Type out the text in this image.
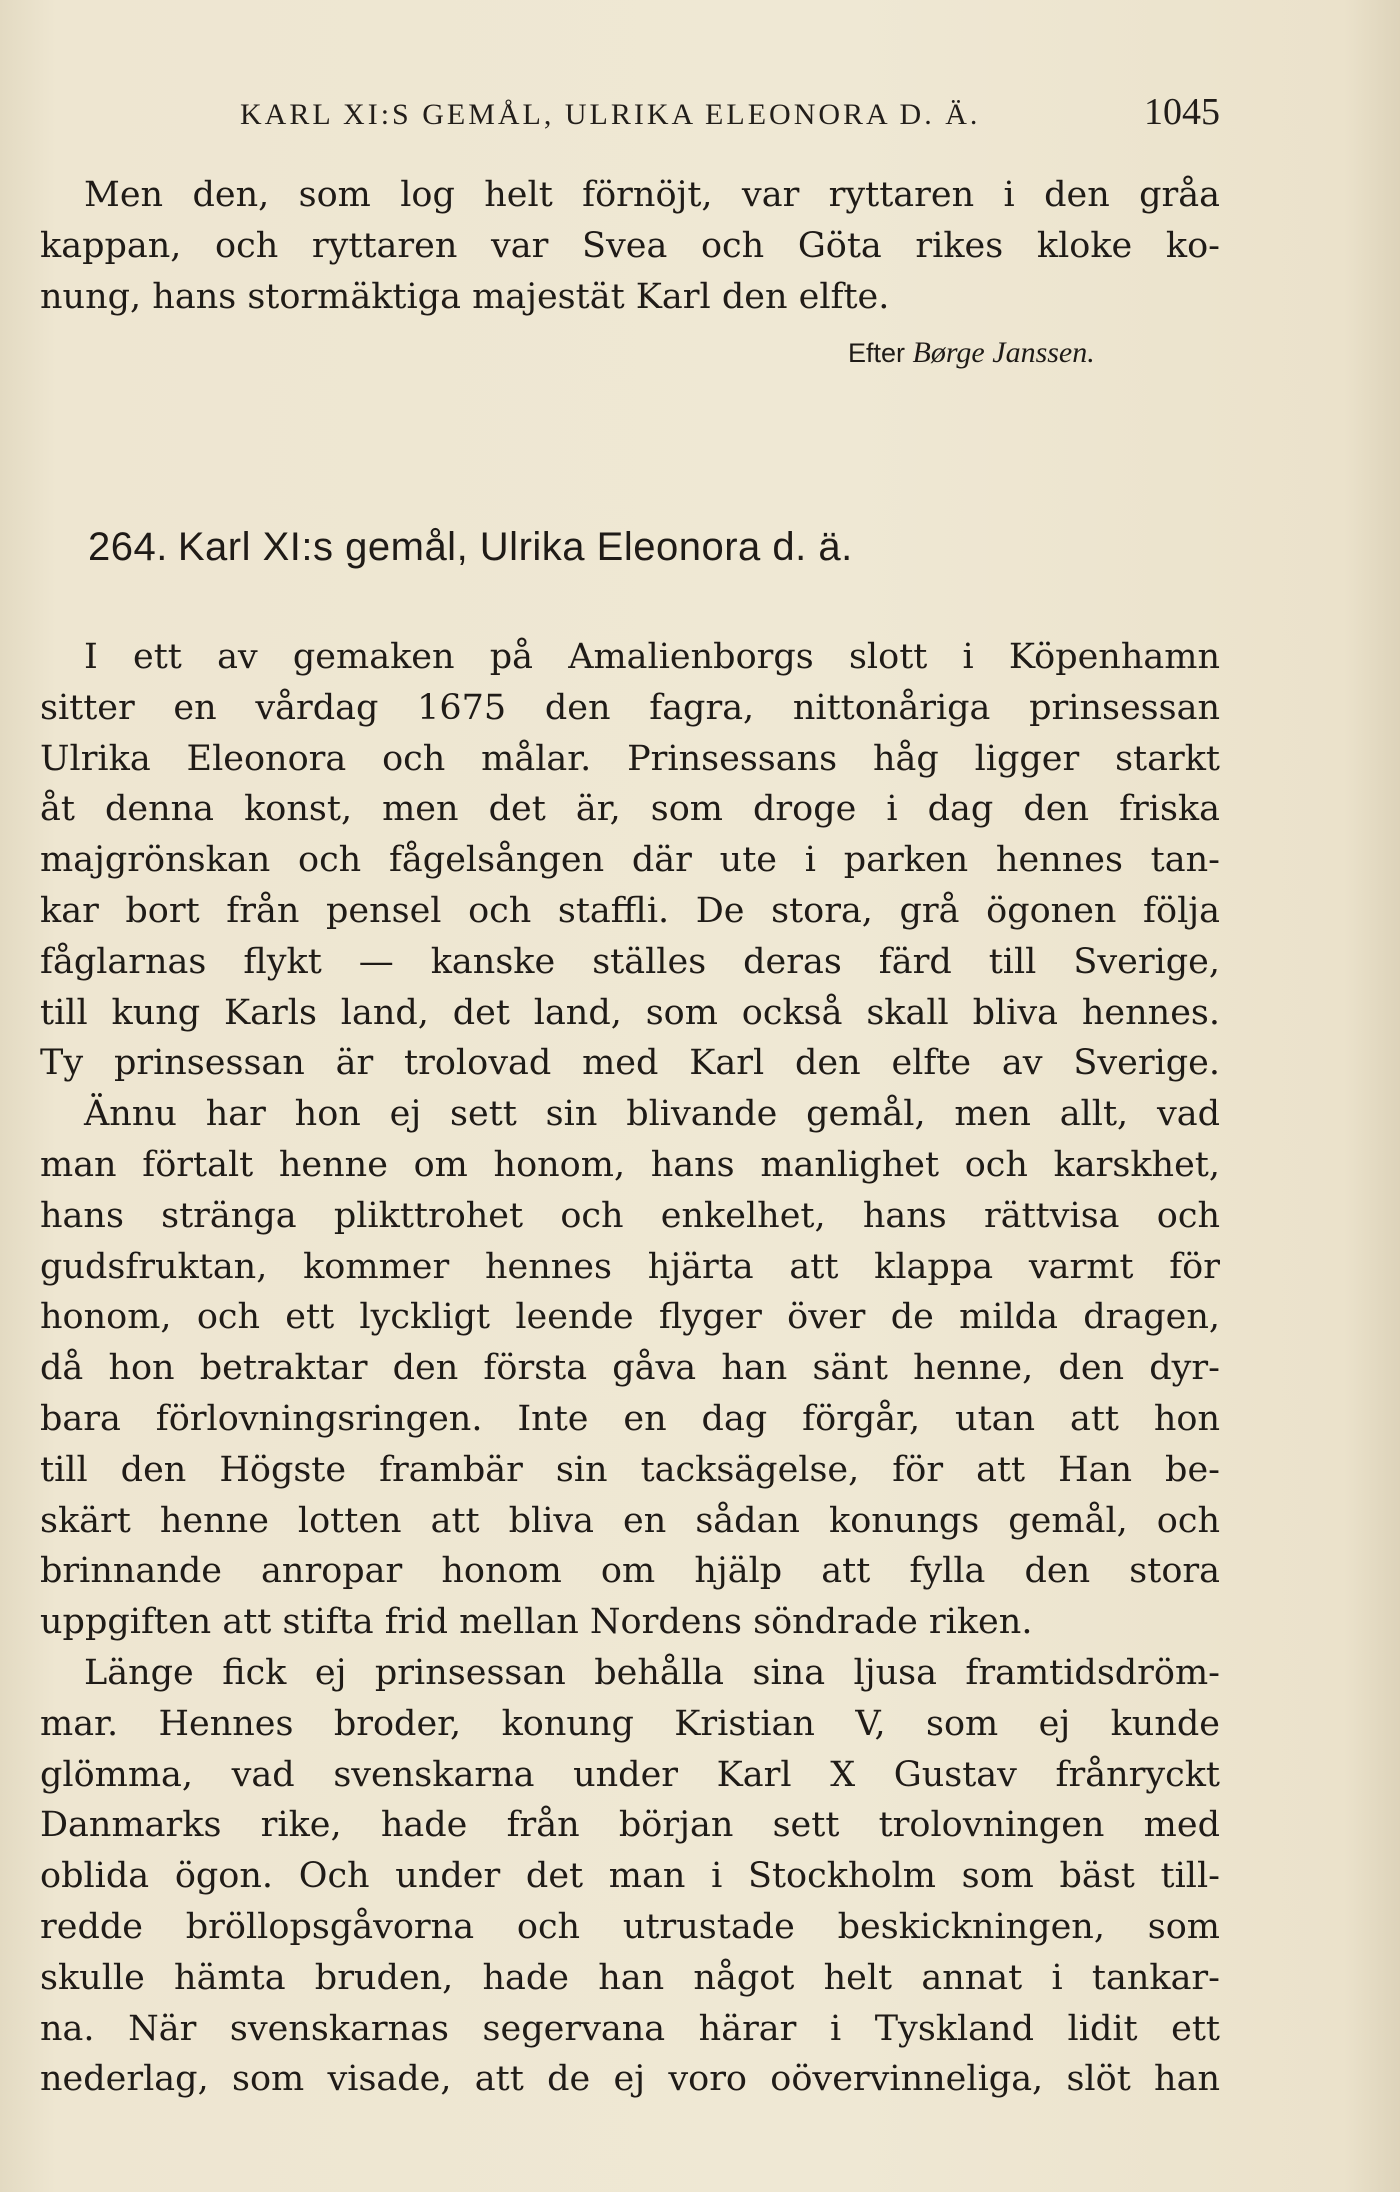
KARL XI:S GEMÅL, ULRIKA ELEONORA D. Ä.	1045
Men den, som log helt förnöjt, var ryttaren i den gråa
kappan, och ryttaren var Svea och Göta rikes kloke ko-
nung, hans stormäktiga majestät Karl den elfte.
Efter Børge Janssen.
264. Karl XI:s gemål, Ulrika Eleonora d. ä.
I ett av gemaken på Amalienborgs slott i Köpenhamn
sitter en vårdag 1675 den fagra, nittonåriga prinsessan
Ulrika Eleonora och målar. Prinsessans håg ligger starkt
åt denna konst, men det är, som droge i dag den friska
majgrönskan och fågelsången där ute i parken hennes tan-
kar bort från pensel och staffli. De stora, grå ögonen följa
fåglarnas flykt — kanske ställes deras färd till Sverige,
till kung Karls land, det land, som också skall bliva hennes.
Ty prinsessan är trolovad med Karl den elfte av Sverige.
Ännu har hon ej sett sin blivande gemål, men allt, vad
man förtalt henne om honom, hans manlighet och karskhet,
hans stränga plikttrohet och enkelhet, hans rättvisa och
gudsfruktan, kommer hennes hjärta att klappa varmt för
honom, och ett lyckligt leende flyger över de milda dragen,
då hon betraktar den första gåva han sänt henne, den dyr-
bara förlovningsringen. Inte en dag förgår, utan att hon
till den Högste frambär sin tacksägelse, för att Han be-
skärt henne lotten att bliva en sådan konungs gemål, och
brinnande anropar honom om hjälp att fylla den stora
uppgiften att stifta frid mellan Nordens söndrade riken.
Länge fick ej prinsessan behålla sina ljusa framtidsdröm-
mar. Hennes broder, konung Kristian V, som ej kunde
glömma, vad svenskarna under Karl X Gustav frånryckt
Danmarks rike, hade från början sett trolovningen med
oblida ögon. Och under det man i Stockholm som bäst till-
redde bröllopsgåvorna och utrustade beskickningen, som
skulle hämta bruden, hade han något helt annat i tankar-
na. När svenskarnas segervana härar i Tyskland lidit ett
nederlag, som visade, att de ej voro oövervinneliga, slöt han
